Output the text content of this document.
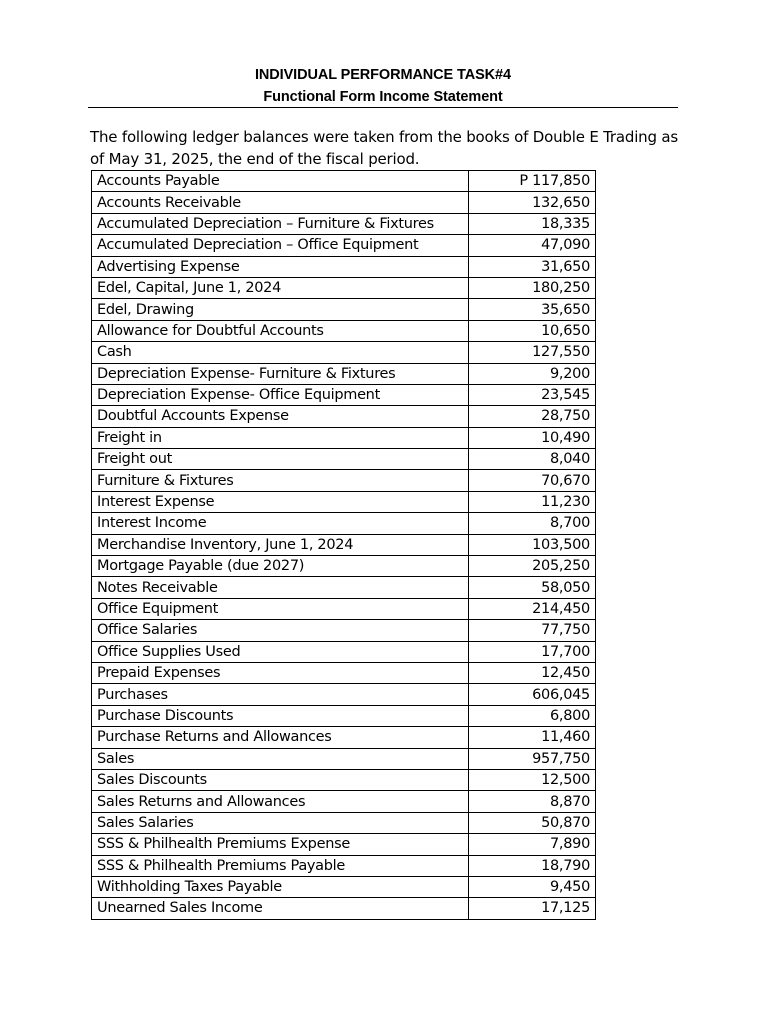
INDIVIDUAL PERFORMANCE TASK#4
Functional Form Income Statement
The following ledger balances were taken from the books of Double E Trading as
of May 31, 2025, the end of the fiscal period.
Accounts Payable	P 117,850
Accounts Receivable	132,650
Accumulated Depreciation – Furniture & Fixtures	18,335
Accumulated Depreciation – Office Equipment	47,090
Advertising Expense	31,650
Edel, Capital, June 1, 2024	180,250
Edel, Drawing	35,650
Allowance for Doubtful Accounts	10,650
Cash	127,550
Depreciation Expense- Furniture & Fixtures	9,200
Depreciation Expense- Office Equipment	23,545
Doubtful Accounts Expense	28,750
Freight in	10,490
Freight out	8,040
Furniture & Fixtures	70,670
Interest Expense	11,230
Interest Income	8,700
Merchandise Inventory, June 1, 2024	103,500
Mortgage Payable (due 2027)	205,250
Notes Receivable	58,050
Office Equipment	214,450
Office Salaries	77,750
Office Supplies Used	17,700
Prepaid Expenses	12,450
Purchases	606,045
Purchase Discounts	6,800
Purchase Returns and Allowances	11,460
Sales	957,750
Sales Discounts	12,500
Sales Returns and Allowances	8,870
Sales Salaries	50,870
SSS & Philhealth Premiums Expense	7,890
SSS & Philhealth Premiums Payable	18,790
Withholding Taxes Payable	9,450
Unearned Sales Income	17,125
